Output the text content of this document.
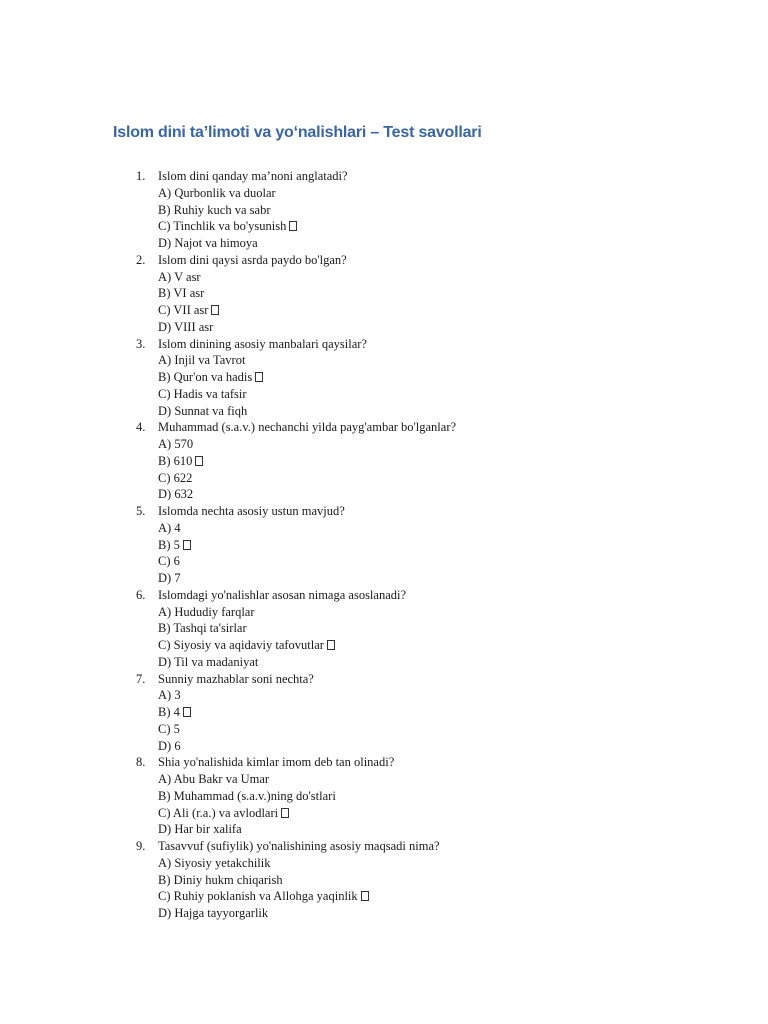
Islom dini ta’limoti va yo‘nalishlari – Test savollari
1.	Islom dini qanday ma’noni anglatadi?
A) Qurbonlik va duolar
B) Ruhiy kuch va sabr
C) Tinchlik va bo'ysunish
D) Najot va himoya
2.	Islom dini qaysi asrda paydo bo'lgan?
A) V asr
B) VI asr
C) VII asr
D) VIII asr
3.	Islom dinining asosiy manbalari qaysilar?
A) Injil va Tavrot
B) Qur'on va hadis
C) Hadis va tafsir
D) Sunnat va fiqh
4.	Muhammad (s.a.v.) nechanchi yilda payg'ambar bo'lganlar?
A) 570
B) 610
C) 622
D) 632
5.	Islomda nechta asosiy ustun mavjud?
A) 4
B) 5
C) 6
D) 7
6.	Islomdagi yo'nalishlar asosan nimaga asoslanadi?
A) Hududiy farqlar
B) Tashqi ta'sirlar
C) Siyosiy va aqidaviy tafovutlar
D) Til va madaniyat
7.	Sunniy mazhablar soni nechta?
A) 3
B) 4
C) 5
D) 6
8.	Shia yo'nalishida kimlar imom deb tan olinadi?
A) Abu Bakr va Umar
B) Muhammad (s.a.v.)ning do'stlari
C) Ali (r.a.) va avlodlari
D) Har bir xalifa
9.	Tasavvuf (sufiylik) yo'nalishining asosiy maqsadi nima?
A) Siyosiy yetakchilik
B) Diniy hukm chiqarish
C) Ruhiy poklanish va Allohga yaqinlik
D) Hajga tayyorgarlik
